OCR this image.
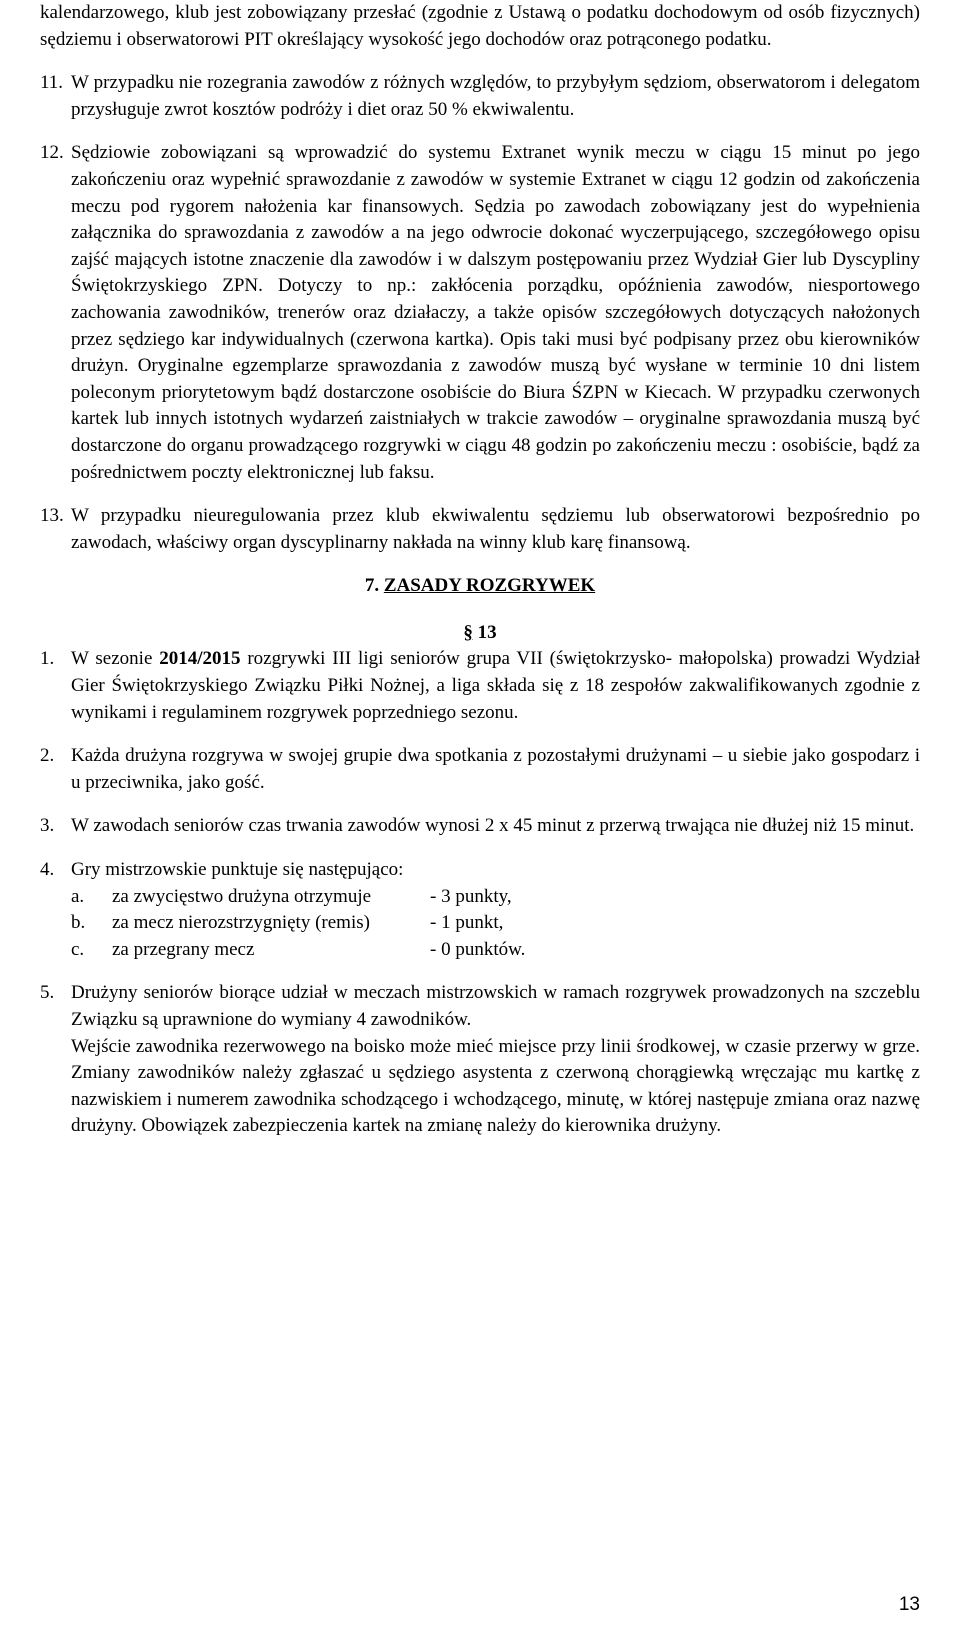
kalendarzowego, klub jest zobowiązany przesłać (zgodnie z Ustawą o podatku dochodowym od osób fizycznych) sędziemu i obserwatorowi PIT określający wysokość jego dochodów oraz potrąconego podatku.

11. W przypadku nie rozegrania zawodów z różnych względów, to przybyłym sędziom, obserwatorom i delegatom przysługuje zwrot kosztów podróży i diet oraz 50 % ekwiwalentu.
12. Sędziowie zobowiązani są wprowadzić do systemu Extranet wynik meczu w ciągu 15 minut po jego zakończeniu oraz wypełnić sprawozdanie z zawodów w systemie Extranet w ciągu 12 godzin od zakończenia meczu pod rygorem nałożenia kar finansowych. Sędzia po zawodach zobowiązany jest do wypełnienia załącznika do sprawozdania z zawodów a na jego odwrocie dokonać wyczerpującego, szczegółowego opisu zajść mających istotne znaczenie dla zawodów i w dalszym postępowaniu przez Wydział Gier lub Dyscypliny Świętokrzyskiego ZPN. Dotyczy to np.: zakłócenia porządku, opóźnienia zawodów, niesportowego zachowania zawodników, trenerów oraz działaczy, a także opisów szczegółowych dotyczących nałożonych przez sędziego kar indywidualnych (czerwona kartka). Opis taki musi być podpisany przez obu kierowników drużyn. Oryginalne egzemplarze sprawozdania z zawodów muszą być wysłane w terminie 10 dni listem poleconym priorytetowym bądź dostarczone osobiście do Biura ŚZPN w Kiecach. W przypadku czerwonych kartek lub innych istotnych wydarzeń zaistniałych w trakcie zawodów – oryginalne sprawozdania muszą być dostarczone do organu prowadzącego rozgrywki w ciągu 48 godzin po zakończeniu meczu : osobiście, bądź za pośrednictwem poczty elektronicznej lub faksu.
13. W przypadku nieuregulowania przez klub ekwiwalentu sędziemu lub obserwatorowi bezpośrednio po zawodach, właściwy organ dyscyplinarny nakłada na winny klub karę finansową.
7. ZASADY ROZGRYWEK
§ 13
1. W sezonie 2014/2015 rozgrywki III ligi seniorów grupa VII (świętokrzysko- małopolska) prowadzi Wydział Gier Świętokrzyskiego Związku Piłki Nożnej, a liga składa się z 18 zespołów zakwalifikowanych zgodnie z wynikami i regulaminem rozgrywek poprzedniego sezonu.
2. Każda drużyna rozgrywa w swojej grupie dwa spotkania z pozostałymi drużynami – u siebie jako gospodarz i u przeciwnika, jako gość.
3. W zawodach seniorów czas trwania zawodów wynosi 2 x 45 minut z przerwą trwająca nie dłużej niż 15 minut.
4. Gry mistrzowskie punktuje się następująco:
a.	za zwycięstwo drużyna otrzymuje	- 3 punkty,
b.	za mecz nierozstrzygnięty (remis)	- 1 punkt,
c.	za przegrany mecz	- 0 punktów.
5. Drużyny seniorów biorące udział w meczach mistrzowskich w ramach rozgrywek prowadzonych na szczeblu Związku są uprawnione do wymiany 4 zawodników.
Wejście zawodnika rezerwowego na boisko może mieć miejsce przy linii środkowej, w czasie przerwy w grze. Zmiany zawodników należy zgłaszać u sędziego asystenta z czerwoną chorągiewką wręczając mu kartkę z nazwiskiem i numerem zawodnika schodzącego i wchodzącego, minutę, w której następuje zmiana oraz nazwę drużyny. Obowiązek zabezpieczenia kartek na zmianę należy do kierownika drużyny.
13
